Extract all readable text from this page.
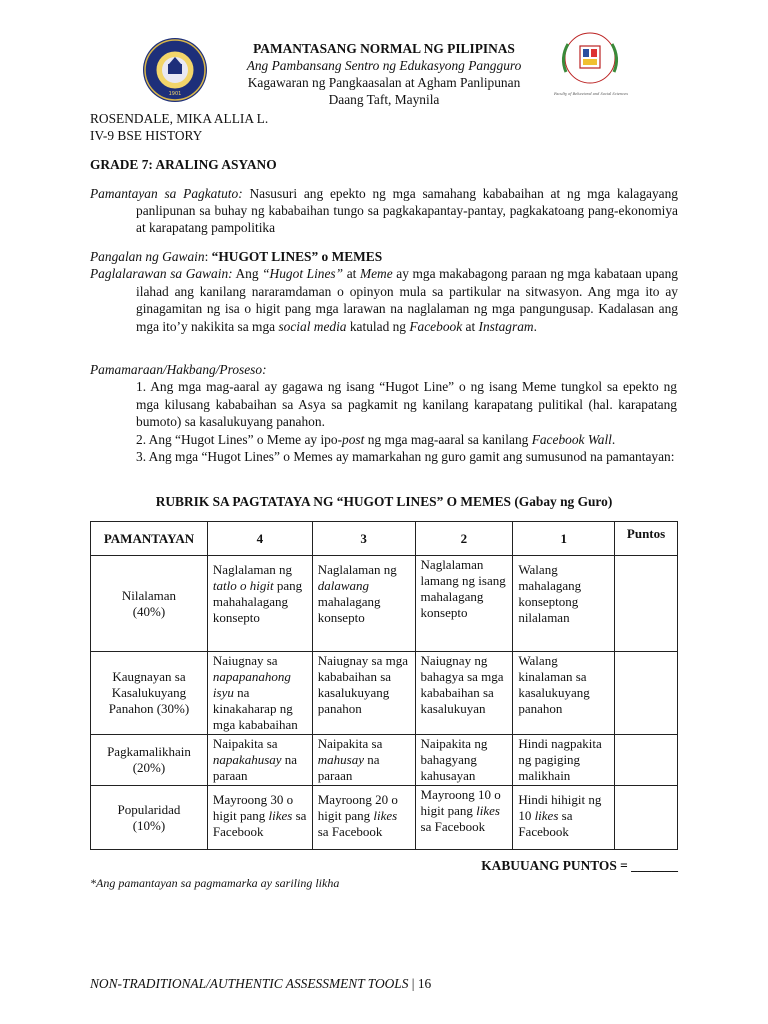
1901	Faculty of Behavioral and Social Sciences
PAMANTASANG NORMAL NG PILIPINAS
Ang Pambansang Sentro ng Edukasyong Pangguro
Kagawaran ng Pangkaasalan at Agham Panlipunan
Daang Taft, Maynila
ROSENDALE, MIKA ALLIA L.
IV-9 BSE HISTORY
GRADE 7: ARALING ASYANO
Pamantayan sa Pagkatuto: Nasusuri ang epekto ng mga samahang kababaihan at ng mga kalagayang panlipunan sa buhay ng kababaihan tungo sa pagkakapantay-pantay, pagkakatoang pang-ekonomiya at karapatang pampolitika
Pangalan ng Gawain: “HUGOT LINES” o MEMES
Paglalarawan sa Gawain: Ang “Hugot Lines” at Meme ay mga makabagong paraan ng mga kabataan upang ilahad ang kanilang nararamdaman o opinyon mula sa partikular na sitwasyon. Ang mga ito ay ginagamitan ng isa o higit pang mga larawan na naglalaman ng mga pangungusap. Kadalasan ang mga ito’y nakikita sa mga social media katulad ng Facebook at Instagram.
Pamamaraan/Hakbang/Proseso:

1. Ang mga mag-aaral ay gagawa ng isang “Hugot Line” o ng isang Meme tungkol sa epekto ng mga kilusang kababaihan sa Asya sa pagkamit ng kanilang karapatang pulitikal (hal. karapatang bumoto) sa kasalukuyang panahon.

2. Ang “Hugot Lines” o Meme ay ipo-post ng mga mag-aaral sa kanilang Facebook Wall.

3. Ang mga “Hugot Lines” o Memes ay mamarkahan ng guro gamit ang sumusunod na pamantayan:

RUBRIK SA PAGTATAYA NG “HUGOT LINES” O MEMES (Gabay ng Guro)
PAMANTAYAN	4	3	2	1	Puntos
Nilalaman (40%)	Naglalaman ng tatlo o higit pang mahahalagang konsepto	Naglalaman ng dalawang mahalagang konsepto	Naglalaman lamang ng isang mahalagang konsepto	Walang mahalagang konseptong nilalaman	
Kaugnayan sa Kasalukuyang Panahon (30%)	Naiugnay sa napapanahong isyu na kinakaharap ng mga kababaihan	Naiugnay sa mga kababaihan sa kasalukuyang panahon	Naiugnay ng bahagya sa mga kababaihan sa kasalukuyan	Walang kinalaman sa kasalukuyang panahon	
Pagkamalikhain (20%)	Naipakita sa napakahusay na paraan	Naipakita sa mahusay na paraan	Naipakita ng bahagyang kahusayan	Hindi nagpakita ng pagiging malikhain	
Popularidad (10%)	Mayroong 30 o higit pang likes sa Facebook	Mayroong 20 o higit pang likes sa Facebook	Mayroong 10 o higit pang likes sa Facebook	Hindi hihigit ng 10 likes sa Facebook	
KABUUANG PUNTOS = _______
*Ang pamantayan sa pagmamarka ay sariling likha
NON-TRADITIONAL/AUTHENTIC ASSESSMENT TOOLS | 16
